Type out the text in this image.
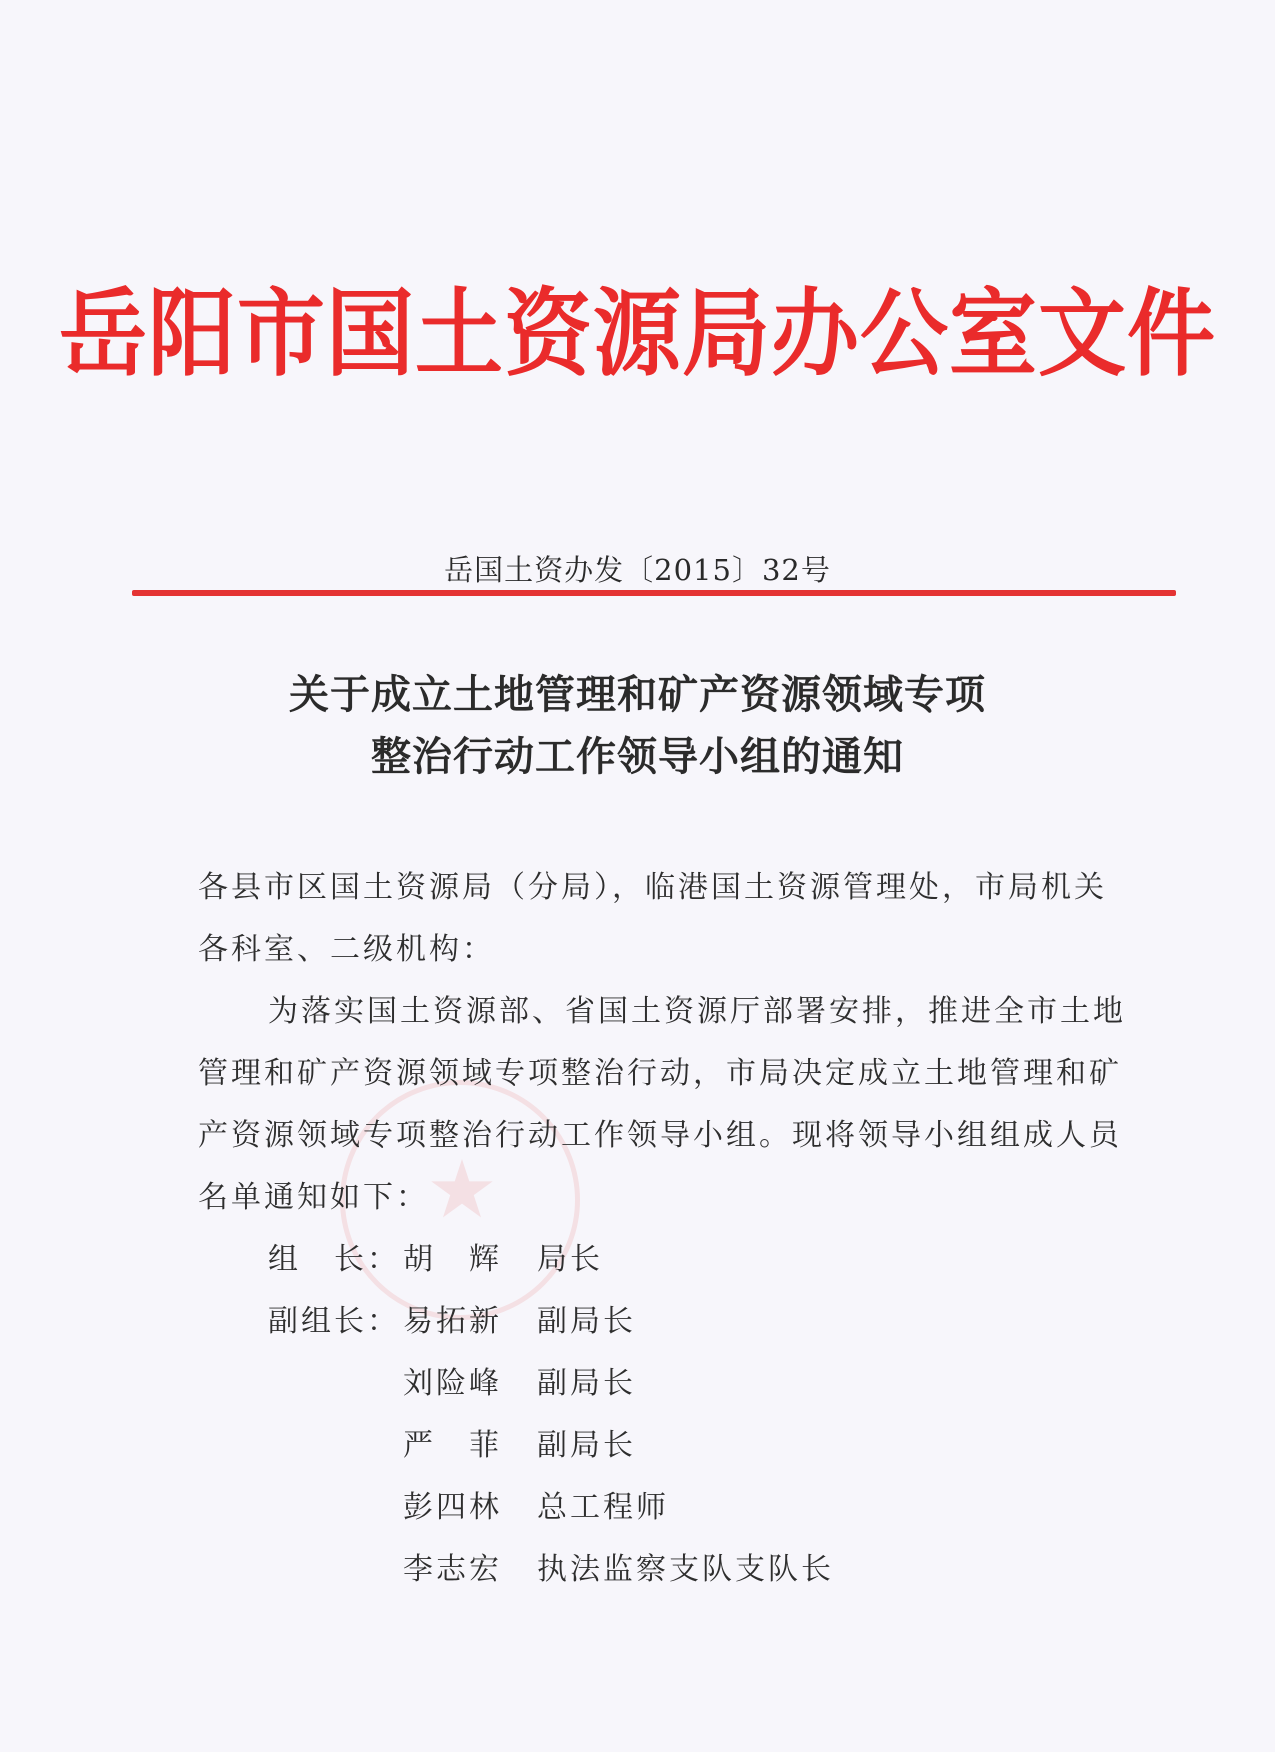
★
岳阳市国土资源局办公室文件
岳国土资办发〔2015〕32号
关于成立土地管理和矿产资源领域专项
整治行动工作领导小组的通知
各县市区国土资源局（分局），临港国土资源管理处，市局机关
各科室、二级机构：
为落实国土资源部、省国土资源厅部署安排，推进全市土地
管理和矿产资源领域专项整治行动，市局决定成立土地管理和矿
产资源领域专项整治行动工作领导小组。现将领导小组组成人员
名单通知如下：
组　长： 胡　辉 局长
副组长： 易拓新 副局长
刘险峰 副局长
严　菲 副局长
彭四林 总工程师
李志宏 执法监察支队支队长
